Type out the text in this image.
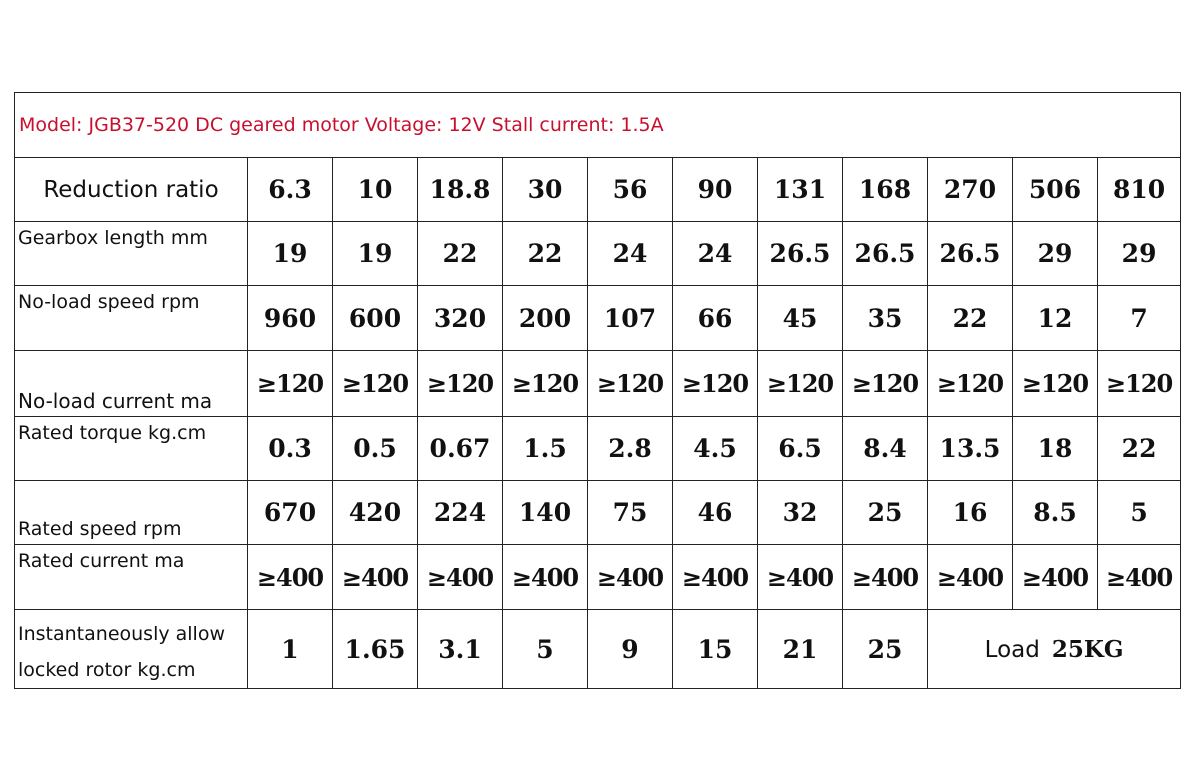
Model: JGB37-520 DC geared motor Voltage: 12V Stall current: 1.5A											
Reduction ratio	6.3	10	18.8	30	56	90	131	168	270	506	810
Gearbox length mm	19	19	22	22	24	24	26.5	26.5	26.5	29	29
No-load speed rpm	960	600	320	200	107	66	45	35	22	12	7
No-load current ma	≥120	≥120	≥120	≥120	≥120	≥120	≥120	≥120	≥120	≥120	≥120
Rated torque kg.cm	0.3	0.5	0.67	1.5	2.8	4.5	6.5	8.4	13.5	18	22
Rated speed rpm	670	420	224	140	75	46	32	25	16	8.5	5
Rated current ma	≥400	≥400	≥400	≥400	≥400	≥400	≥400	≥400	≥400	≥400	≥400

Instantaneously allow
locked rotor kg.cm	1	1.65	3.1	5	9	15	21	25	Load 25KG		
